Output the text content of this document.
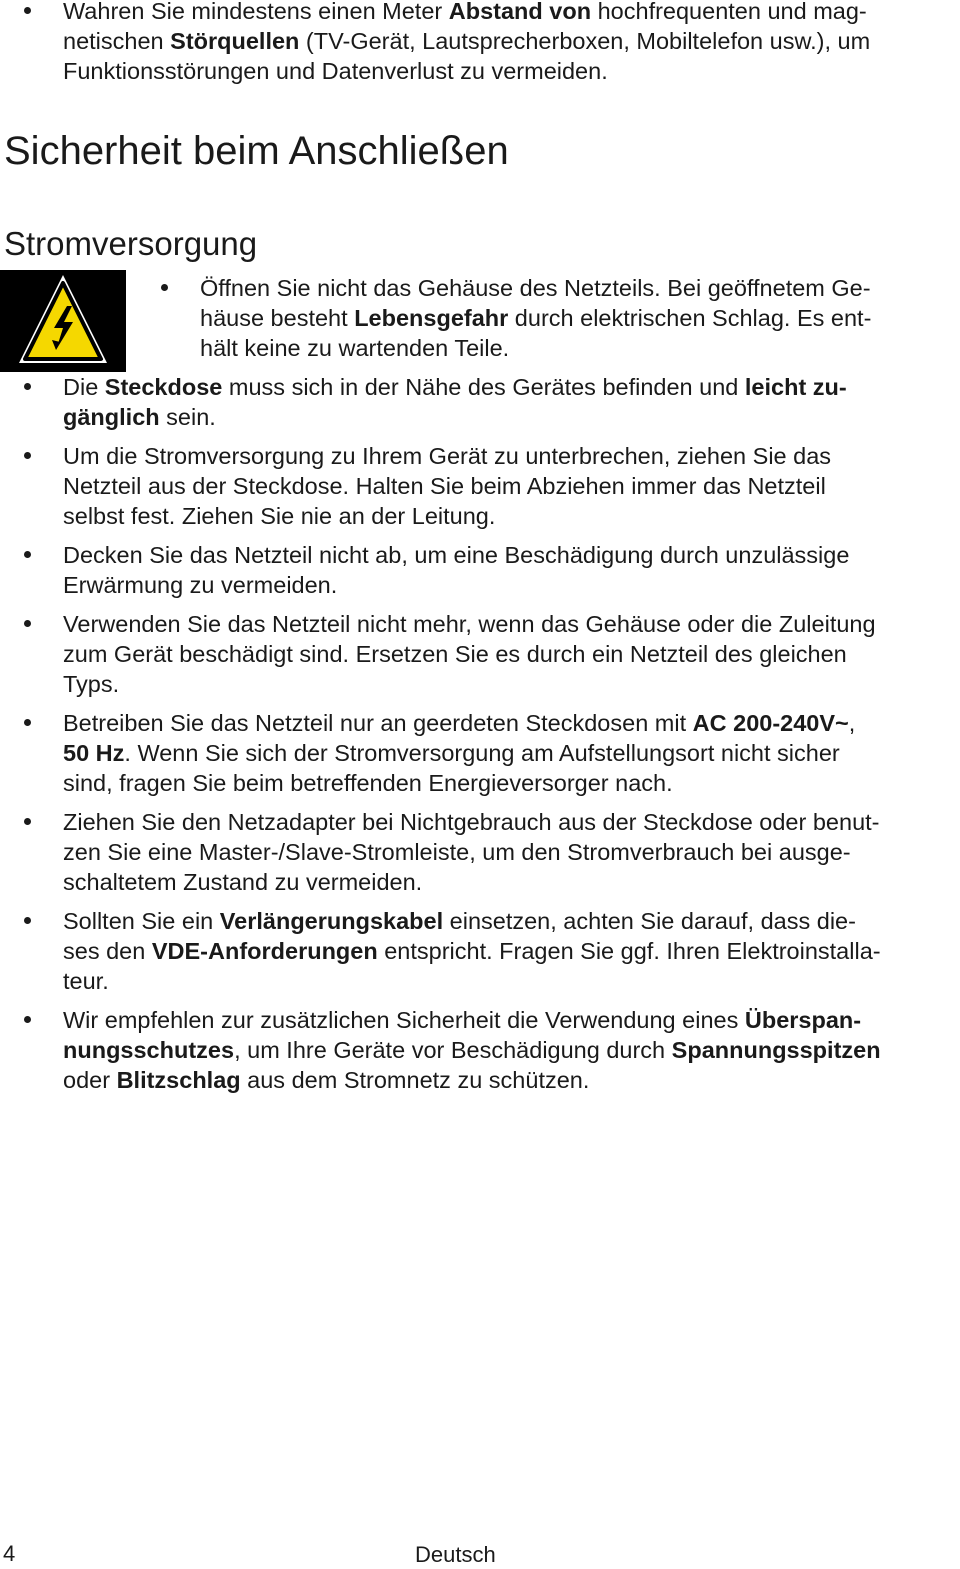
Wahren Sie mindestens einen Meter Abstand von hochfrequenten und mag-
netischen Störquellen (TV-Gerät, Lautsprecherboxen, Mobiltelefon usw.), um
Funktionsstörungen und Datenverlust zu vermeiden.
Sicherheit beim Anschließen
Stromversorgung
Öffnen Sie nicht das Gehäuse des Netzteils. Bei geöffnetem Ge-
häuse besteht Lebensgefahr durch elektrischen Schlag. Es ent-
hält keine zu wartenden Teile.
Die Steckdose muss sich in der Nähe des Gerätes befinden und leicht zu-
gänglich sein.
Um die Stromversorgung zu Ihrem Gerät zu unterbrechen, ziehen Sie das
Netzteil aus der Steckdose. Halten Sie beim Abziehen immer das Netzteil
selbst fest. Ziehen Sie nie an der Leitung.
Decken Sie das Netzteil nicht ab, um eine Beschädigung durch unzulässige
Erwärmung zu vermeiden.
Verwenden Sie das Netzteil nicht mehr, wenn das Gehäuse oder die Zuleitung
zum Gerät beschädigt sind. Ersetzen Sie es durch ein Netzteil des gleichen
Typs.
Betreiben Sie das Netzteil nur an geerdeten Steckdosen mit AC 200-240V~,
50 Hz. Wenn Sie sich der Stromversorgung am Aufstellungsort nicht sicher
sind, fragen Sie beim betreffenden Energieversorger nach.
Ziehen Sie den Netzadapter bei Nichtgebrauch aus der Steckdose oder benut-
zen Sie eine Master-/Slave-Stromleiste, um den Stromverbrauch bei ausge-
schaltetem Zustand zu vermeiden.
Sollten Sie ein Verlängerungskabel einsetzen, achten Sie darauf, dass die-
ses den VDE-Anforderungen entspricht. Fragen Sie ggf. Ihren Elektroinstalla-
teur.
Wir empfehlen zur zusätzlichen Sicherheit die Verwendung eines Überspan-
nungsschutzes, um Ihre Geräte vor Beschädigung durch Spannungsspitzen
oder Blitzschlag aus dem Stromnetz zu schützen.
4	Deutsch
